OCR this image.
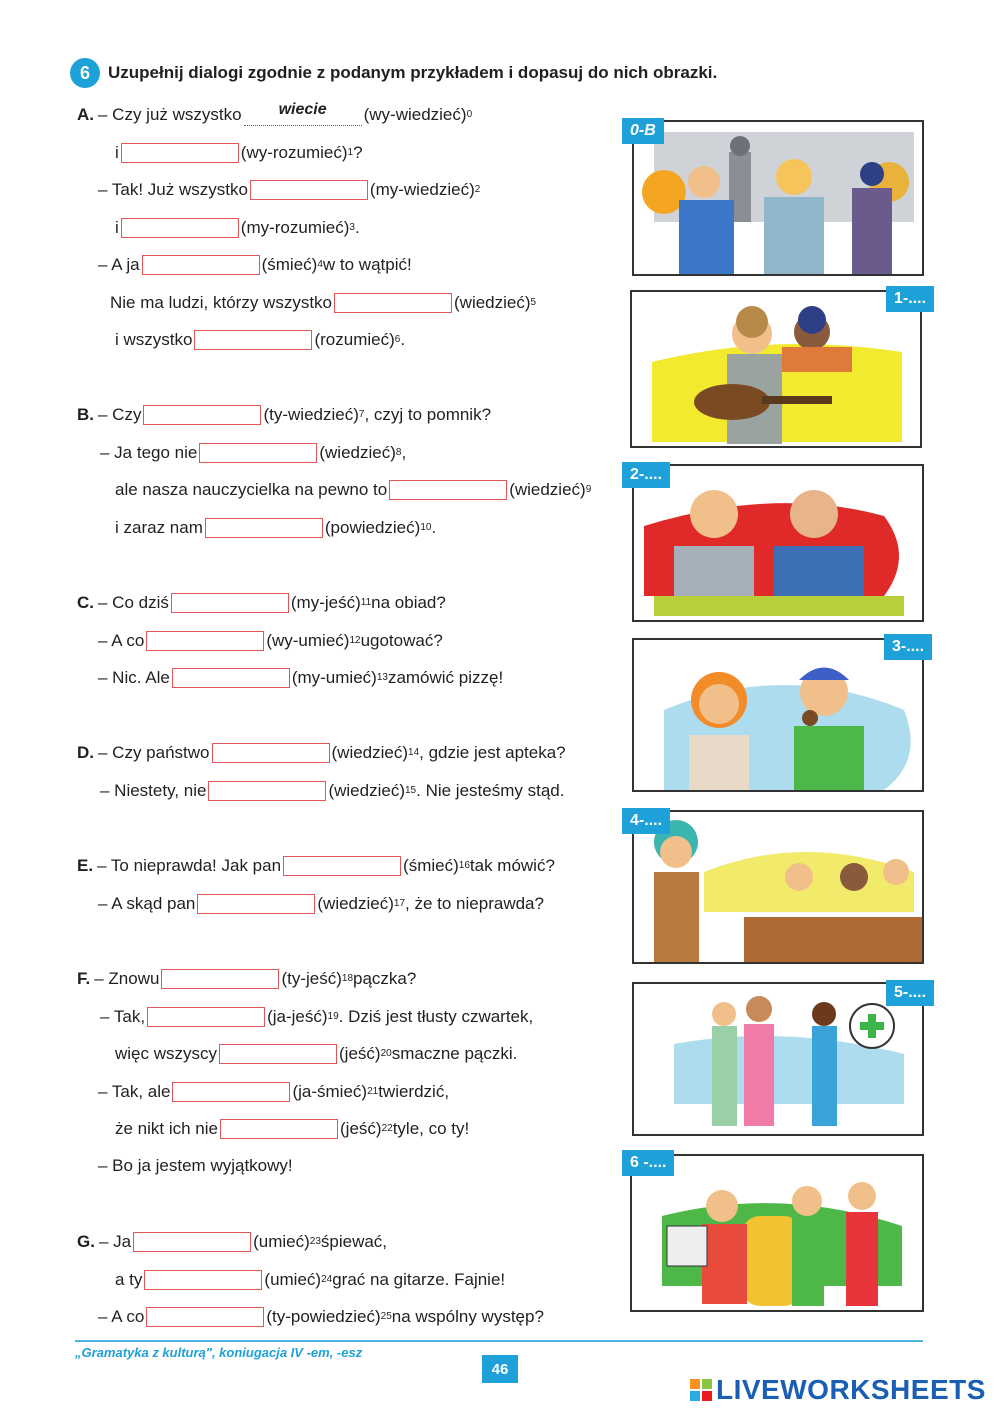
6	Uzupełnij dialogi zgodnie z podanym przykładem i dopasuj do nich obrazki.
A. – Czy już wszystko	wiecie	(wy-wiedzieć) 0
i	(wy-rozumieć) 1 ?
– Tak! Już wszystko	(my-wiedzieć) 2
i	(my-rozumieć) 3 .
– A ja	(śmieć) 4 w to wątpić!
Nie ma ludzi, którzy wszystko	(wiedzieć) 5
i wszystko	(rozumieć) 6 .
B. – Czy	(ty-wiedzieć) 7 , czyj to pomnik?
– Ja tego nie	(wiedzieć) 8 ,
ale nasza nauczycielka na pewno to	(wiedzieć) 9
i zaraz nam	(powiedzieć) 10 .
C. – Co dziś	(my-jeść) 11 na obiad?
– A co	(wy-umieć) 12 ugotować?
– Nic. Ale	(my-umieć) 13 zamówić pizzę!
D. – Czy państwo	(wiedzieć) 14 , gdzie jest apteka?
– Niestety, nie	(wiedzieć) 15 . Nie jesteśmy stąd.
E. – To nieprawda! Jak pan	(śmieć) 16 tak mówić?
– A skąd pan	(wiedzieć) 17 , że to nieprawda?
F. – Znowu	(ty-jeść) 18 pączka?
– Tak,	(ja-jeść) 19 . Dziś jest tłusty czwartek,
więc wszyscy	(jeść) 20 smaczne pączki.
– Tak, ale	(ja-śmieć) 21 twierdzić,
że nikt ich nie	(jeść) 22 tyle, co ty!
– Bo ja jestem wyjątkowy!
G. – Ja	(umieć) 23 śpiewać,
a ty	(umieć) 24 grać na gitarze. Fajnie!
– A co	(ty-powiedzieć) 25 na wspólny występ?
0-B
1-....
2-....
3-....
4-....
5-....
6 -....
„Gramatyka z kulturą", koniugacja IV -em, -esz
46
LIVEWORKSHEETS
